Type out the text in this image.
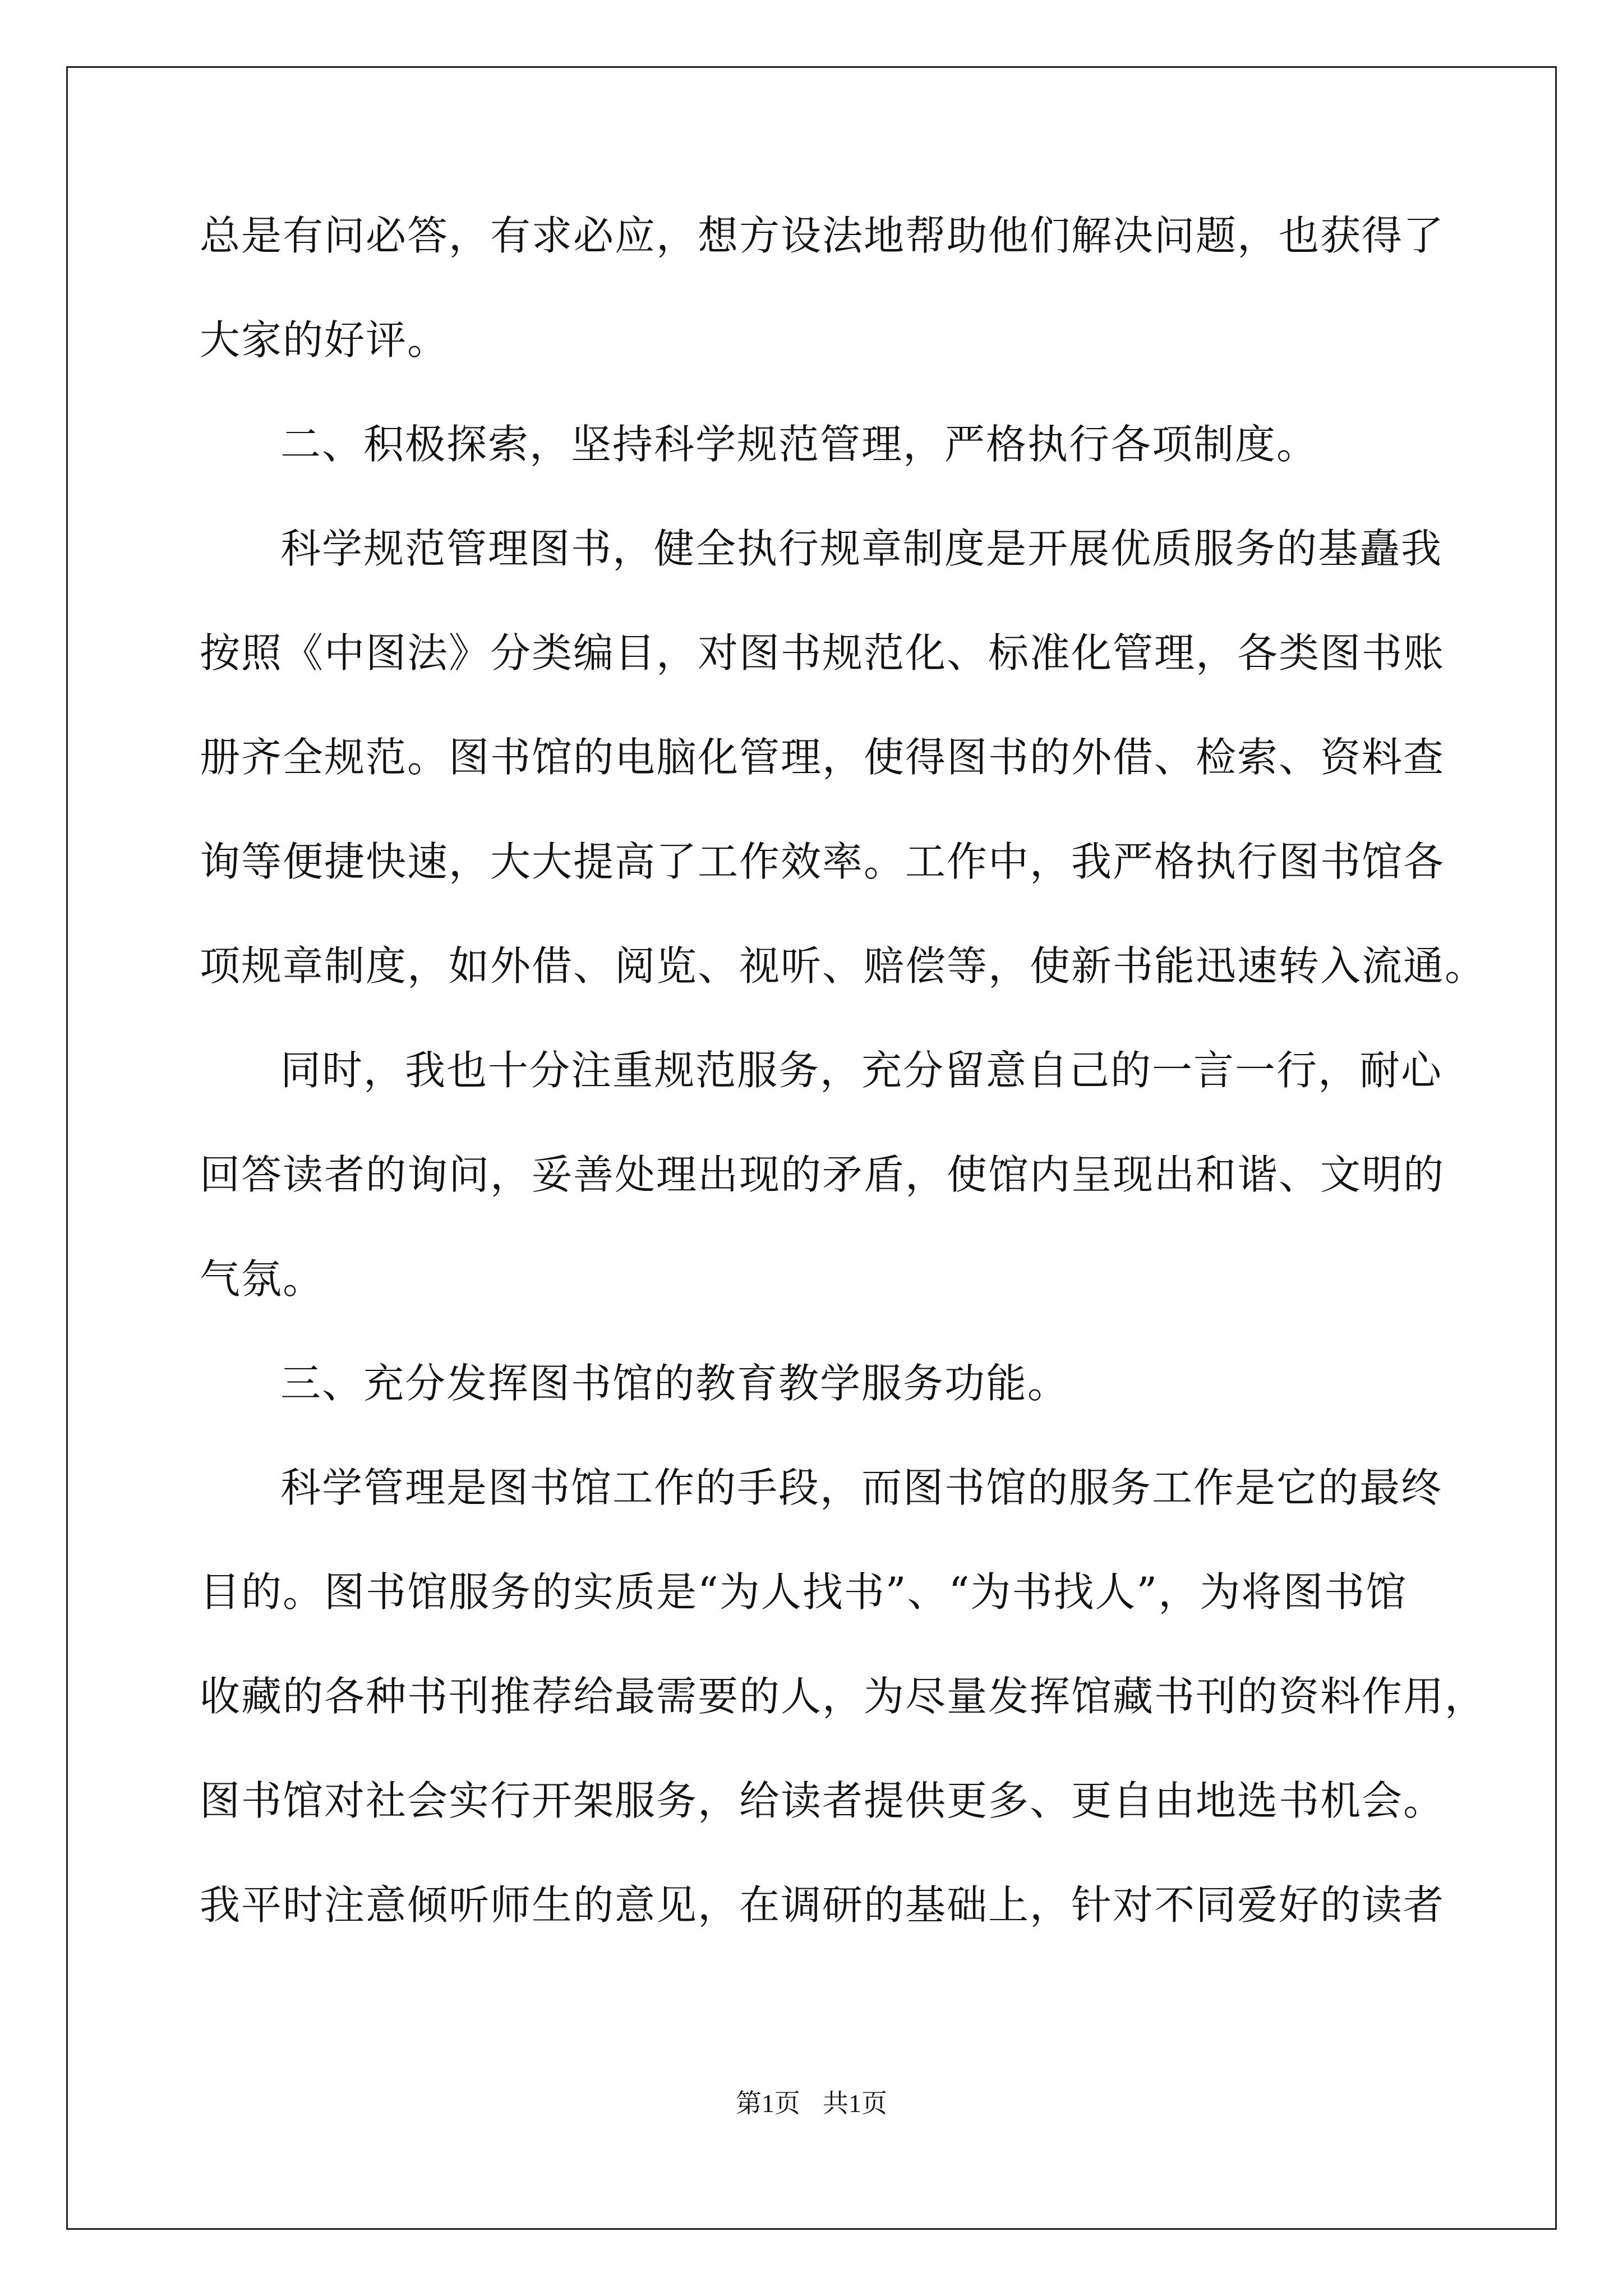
总是有问必答，有求必应，想方设法地帮助他们解决问题，也获得了
大家的好评。
二、积极探索，坚持科学规范管理，严格执行各项制度。
科学规范管理图书，健全执行规章制度是开展优质服务的基矗我
按照《中图法》分类编目，对图书规范化、标准化管理，各类图书账
册齐全规范。图书馆的电脑化管理，使得图书的外借、检索、资料查
询等便捷快速，大大提高了工作效率。工作中，我严格执行图书馆各
项规章制度，如外借、阅览、视听、赔偿等，使新书能迅速转入流通。
同时，我也十分注重规范服务，充分留意自己的一言一行，耐心
回答读者的询问，妥善处理出现的矛盾，使馆内呈现出和谐、文明的
气氛。
三、充分发挥图书馆的教育教学服务功能。
科学管理是图书馆工作的手段，而图书馆的服务工作是它的最终
目的。图书馆服务的实质是“为人找书”、“为书找人”，为将图书馆
收藏的各种书刊推荐给最需要的人，为尽量发挥馆藏书刊的资料作用，
图书馆对社会实行开架服务，给读者提供更多、更自由地选书机会。
我平时注意倾听师生的意见，在调研的基础上，针对不同爱好的读者
第1页 共1页
